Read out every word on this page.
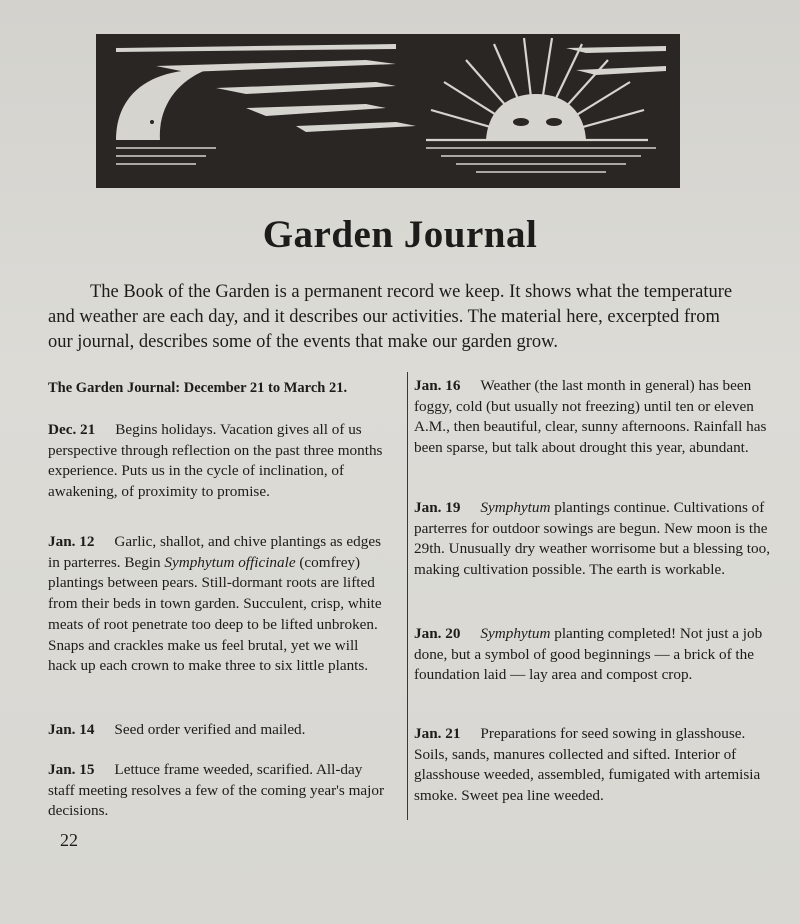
Garden Journal

The Book of the Garden is a permanent record we keep. It shows what the temperature and weather are each day, and it describes our activities. The material here, excerpted from our journal, describes some of the events that make our garden grow.

The Garden Journal: December 21 to March 21.

Dec. 21 Begins holidays. Vacation gives all of us perspective through reflection on the past three months experience. Puts us in the cycle of inclination, of awakening, of proximity to promise.

Jan. 12 Garlic, shallot, and chive plantings as edges in parterres. Begin Symphytum officinale (comfrey) plantings between pears. Still-dormant roots are lifted from their beds in town garden. Succulent, crisp, white meats of root penetrate too deep to be lifted unbroken. Snaps and crackles make us feel brutal, yet we will hack up each crown to make three to six little plants.

Jan. 14 Seed order verified and mailed.

Jan. 15 Lettuce frame weeded, scarified. All-day staff meeting resolves a few of the coming year's major decisions.

Jan. 16 Weather (the last month in general) has been foggy, cold (but usually not freezing) until ten or eleven A.M., then beautiful, clear, sunny afternoons. Rainfall has been sparse, but talk about drought this year, abundant.

Jan. 19 Symphytum plantings continue. Cultivations of parterres for outdoor sowings are begun. New moon is the 29th. Unusually dry weather worrisome but a blessing too, making cultivation possible. The earth is workable.

Jan. 20 Symphytum planting completed! Not just a job done, but a symbol of good beginnings — a brick of the foundation laid — lay area and compost crop.

Jan. 21 Preparations for seed sowing in glasshouse. Soils, sands, manures collected and sifted. Interior of glasshouse weeded, assembled, fumigated with artemisia smoke. Sweet pea line weeded.

22
